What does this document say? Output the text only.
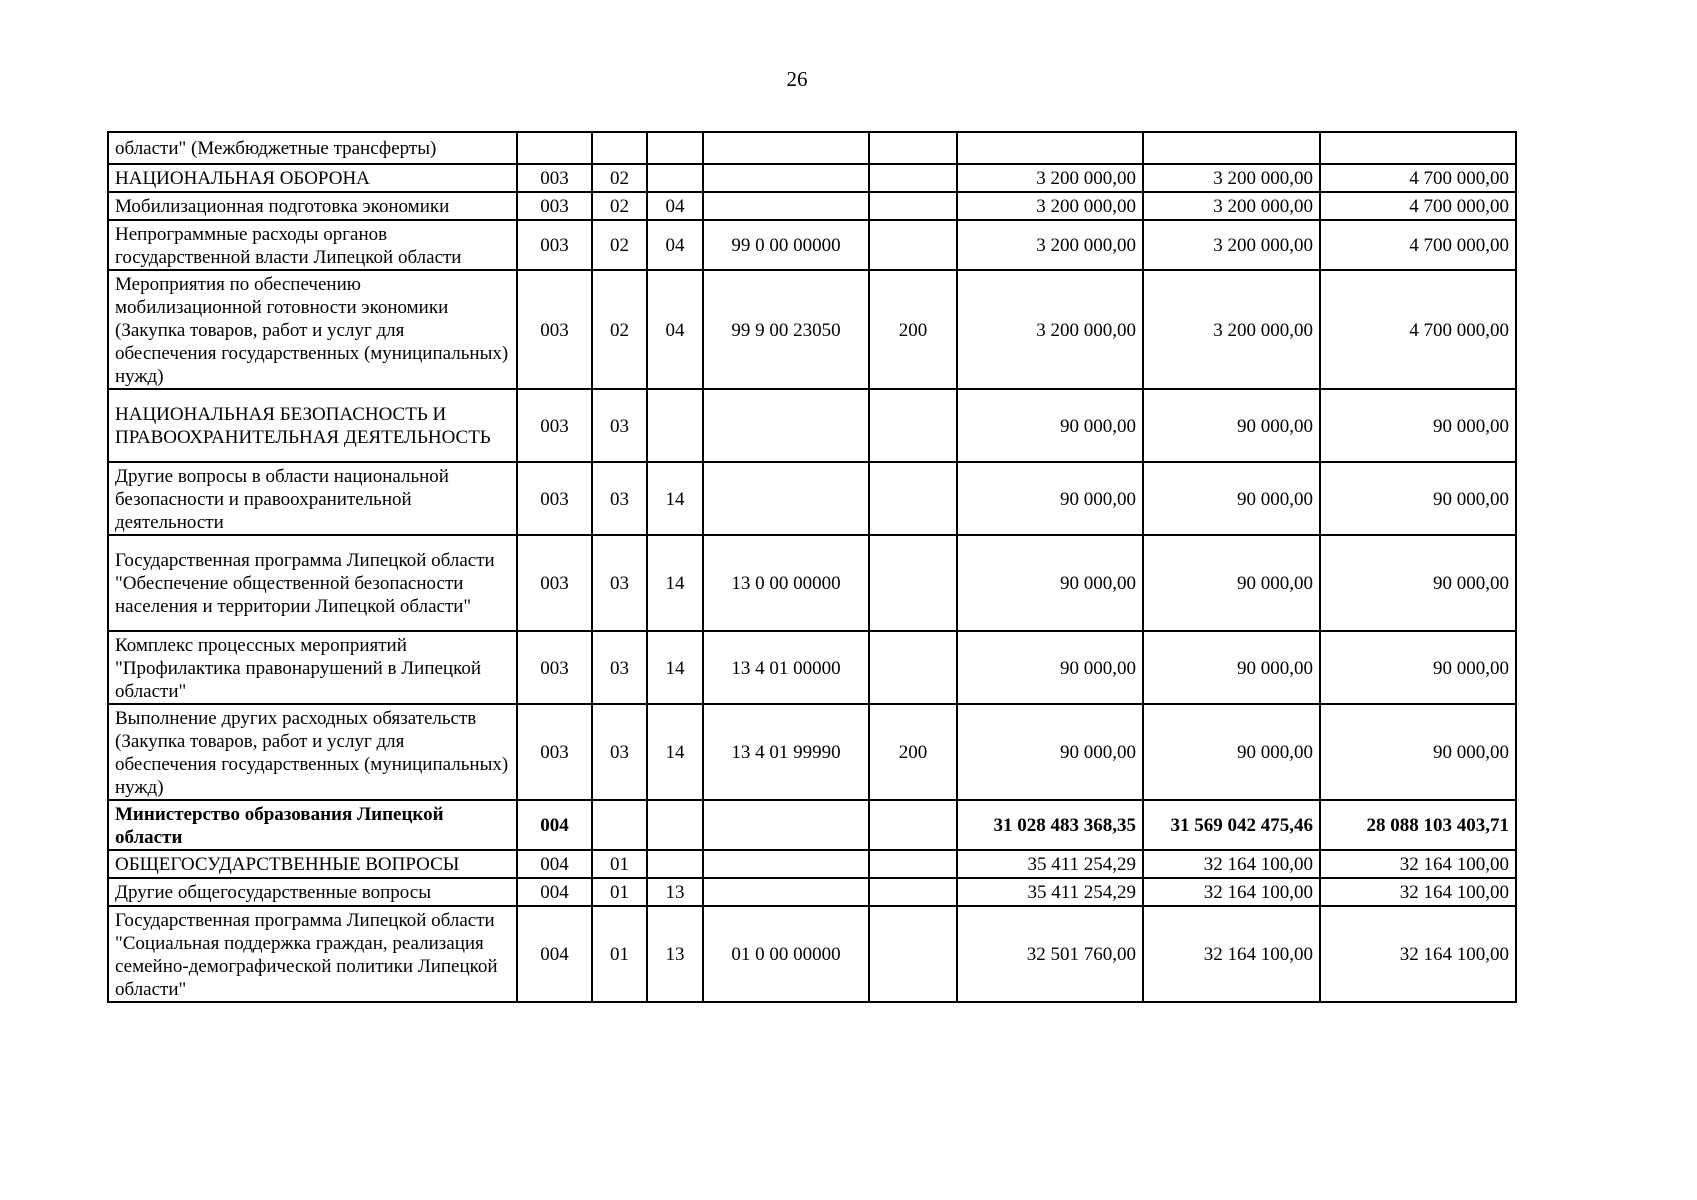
26
области" (Межбюджетные трансферты)								
НАЦИОНАЛЬНАЯ ОБОРОНА	003	02				3 200 000,00	3 200 000,00	4 700 000,00
Мобилизационная подготовка экономики	003	02	04			3 200 000,00	3 200 000,00	4 700 000,00
Непрограммные расходы органов государственной власти Липецкой области	003	02	04	99 0 00 00000		3 200 000,00	3 200 000,00	4 700 000,00
Мероприятия по обеспечению мобилизационной готовности экономики (Закупка товаров, работ и услуг для обеспечения государственных (муниципальных) нужд)	003	02	04	99 9 00 23050	200	3 200 000,00	3 200 000,00	4 700 000,00
НАЦИОНАЛЬНАЯ БЕЗОПАСНОСТЬ И ПРАВООХРАНИТЕЛЬНАЯ ДЕЯТЕЛЬНОСТЬ	003	03				90 000,00	90 000,00	90 000,00
Другие вопросы в области национальной безопасности и правоохранительной деятельности	003	03	14			90 000,00	90 000,00	90 000,00
Государственная программа Липецкой области "Обеспечение общественной безопасности населения и территории Липецкой области"	003	03	14	13 0 00 00000		90 000,00	90 000,00	90 000,00
Комплекс процессных мероприятий "Профилактика правонарушений в Липецкой области"	003	03	14	13 4 01 00000		90 000,00	90 000,00	90 000,00
Выполнение других расходных обязательств (Закупка товаров, работ и услуг для обеспечения государственных (муниципальных) нужд)	003	03	14	13 4 01 99990	200	90 000,00	90 000,00	90 000,00
Министерство образования Липецкой области	004					31 028 483 368,35	31 569 042 475,46	28 088 103 403,71
ОБЩЕГОСУДАРСТВЕННЫЕ ВОПРОСЫ	004	01				35 411 254,29	32 164 100,00	32 164 100,00
Другие общегосударственные вопросы	004	01	13			35 411 254,29	32 164 100,00	32 164 100,00
Государственная программа Липецкой области "Социальная поддержка граждан, реализация семейно-демографической политики Липецкой области"	004	01	13	01 0 00 00000		32 501 760,00	32 164 100,00	32 164 100,00
